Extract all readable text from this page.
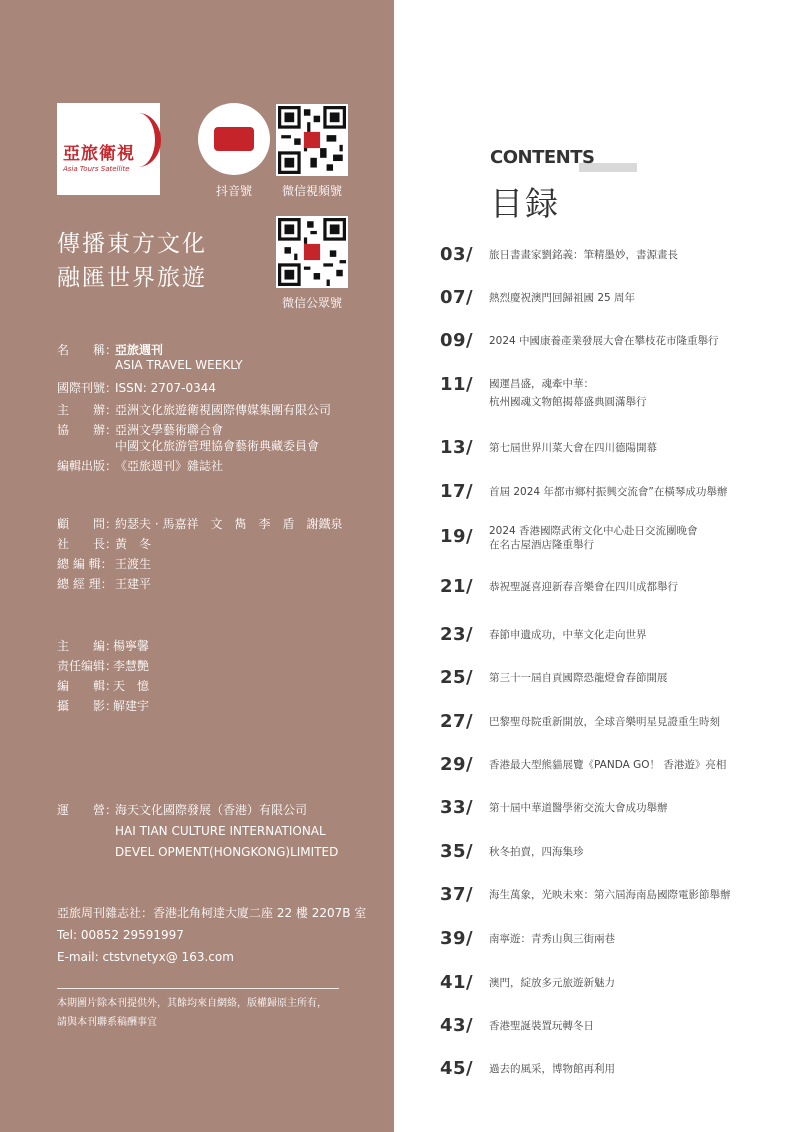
亞旅衛視
Asia Tours Satellite
抖音號 微信視頻號
微信公眾號
傳播東方文化
融匯世界旅遊
名　　稱：亞旅週刊
ASIA TRAVEL WEEKLY
國際刊號：ISSN: 2707-0344
主　　辦：亞洲文化旅遊衛視國際傳媒集團有限公司
協　　辦：亞洲文學藝術聯合會
中國文化旅游管理協會藝術典藏委員會
編輯出版：《亞旅週刊》雜誌社
顧　　問：約瑟夫 · 馬嘉祥　文　雋　李　盾　謝鐵泉
社　　長：黃　冬
總 編 輯： 王渡生
總 經 理： 王建平
主　　編：楊寧馨
责任编辑：李慧艷
編　　輯：天　憶
攝　　影：解建宇
運　　營：海天文化國際發展（香港）有限公司
HAI TIAN CULTURE INTERNATIONAL
DEVEL OPMENT(HONGKONG)LIMITED
亞旅周刊雜志社：香港北角柯達大廈二座 22 樓 2207B 室
Tel: 00852 29591997
E-mail: ctstvnetyx@ 163.com
本期圖片除本刊提供外，其餘均來自網絡，版權歸原主所有，
請與本刊聯系稿酬事宜
CONTENTS
目録
03/ 旅日書畫家劉銘義：筆精墨妙，書源畫長
07/ 熱烈慶祝澳門回歸祖國 25 周年
09/ 2024 中國康養產業發展大會在攀枝花市隆重舉行
11/ 國運昌盛，魂牽中華：
杭州國魂文物館揭幕盛典圓滿舉行
13/ 第七屆世界川菜大會在四川德陽開幕
17/ 首屆 2024 年都市鄉村振興交流會”在橫琴成功舉辦
19/ 2024 香港國際武術文化中心赴日交流團晚會
在名古屋酒店隆重舉行
21/ 恭祝聖誕喜迎新春音樂會在四川成都舉行
23/ 春節申遺成功，中華文化走向世界
25/ 第三十一屆自貢國際恐龍燈會春節開展
27/ 巴黎聖母院重新開放，全球音樂明星見證重生時刻
29/ 香港最大型熊貓展覽《PANDA GO！ 香港遊》亮相
33/ 第十屆中華道醫學術交流大會成功舉辦
35/ 秋冬拍賣，四海集珍
37/ 海生萬象，光映未來：第六屆海南島國際電影節舉辦
39/ 南寧遊：青秀山與三街兩巷
41/ 澳門，綻放多元旅遊新魅力
43/ 香港聖誕裝置玩轉冬日
45/ 過去的風采，博物館再利用
